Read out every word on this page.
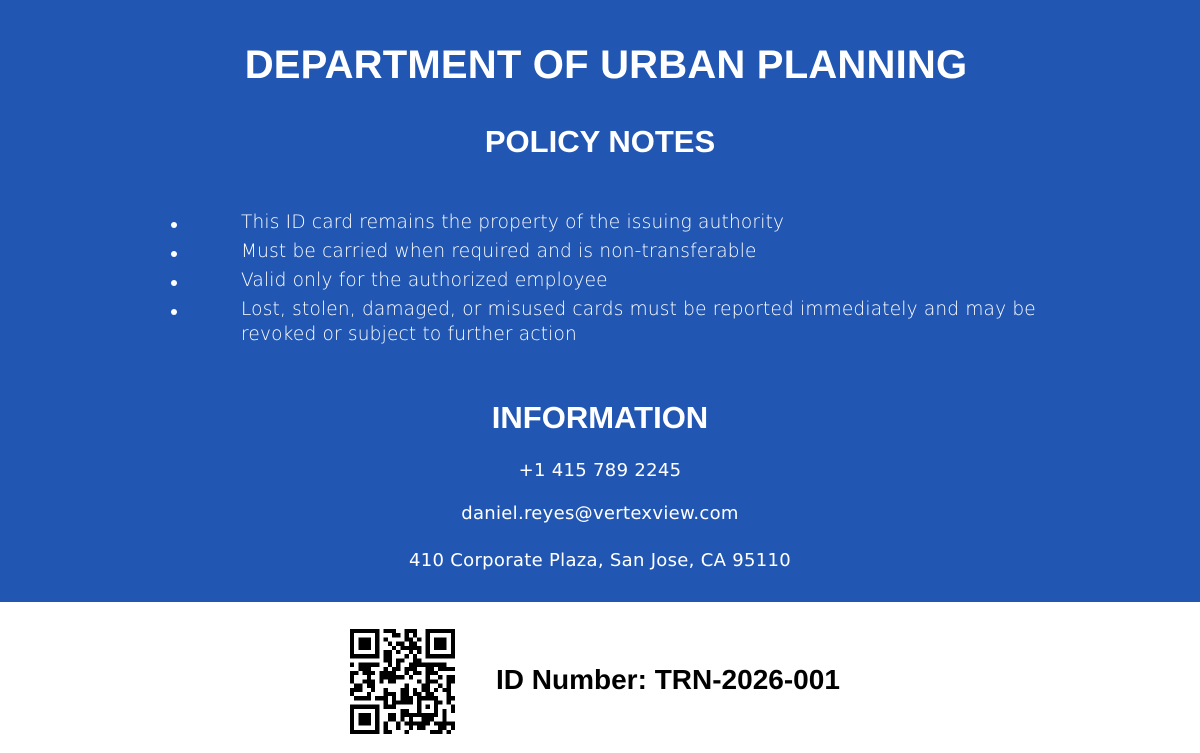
DEPARTMENT OF URBAN PLANNING
POLICY NOTES
This ID card remains the property of the issuing authority
Must be carried when required and is non-transferable
Valid only for the authorized employee
Lost, stolen, damaged, or misused cards must be reported immediately and may be revoked or subject to further action
INFORMATION
+1 415 789 2245
daniel.reyes@vertexview.com
410 Corporate Plaza, San Jose, CA 95110
ID Number: TRN-2026-001
